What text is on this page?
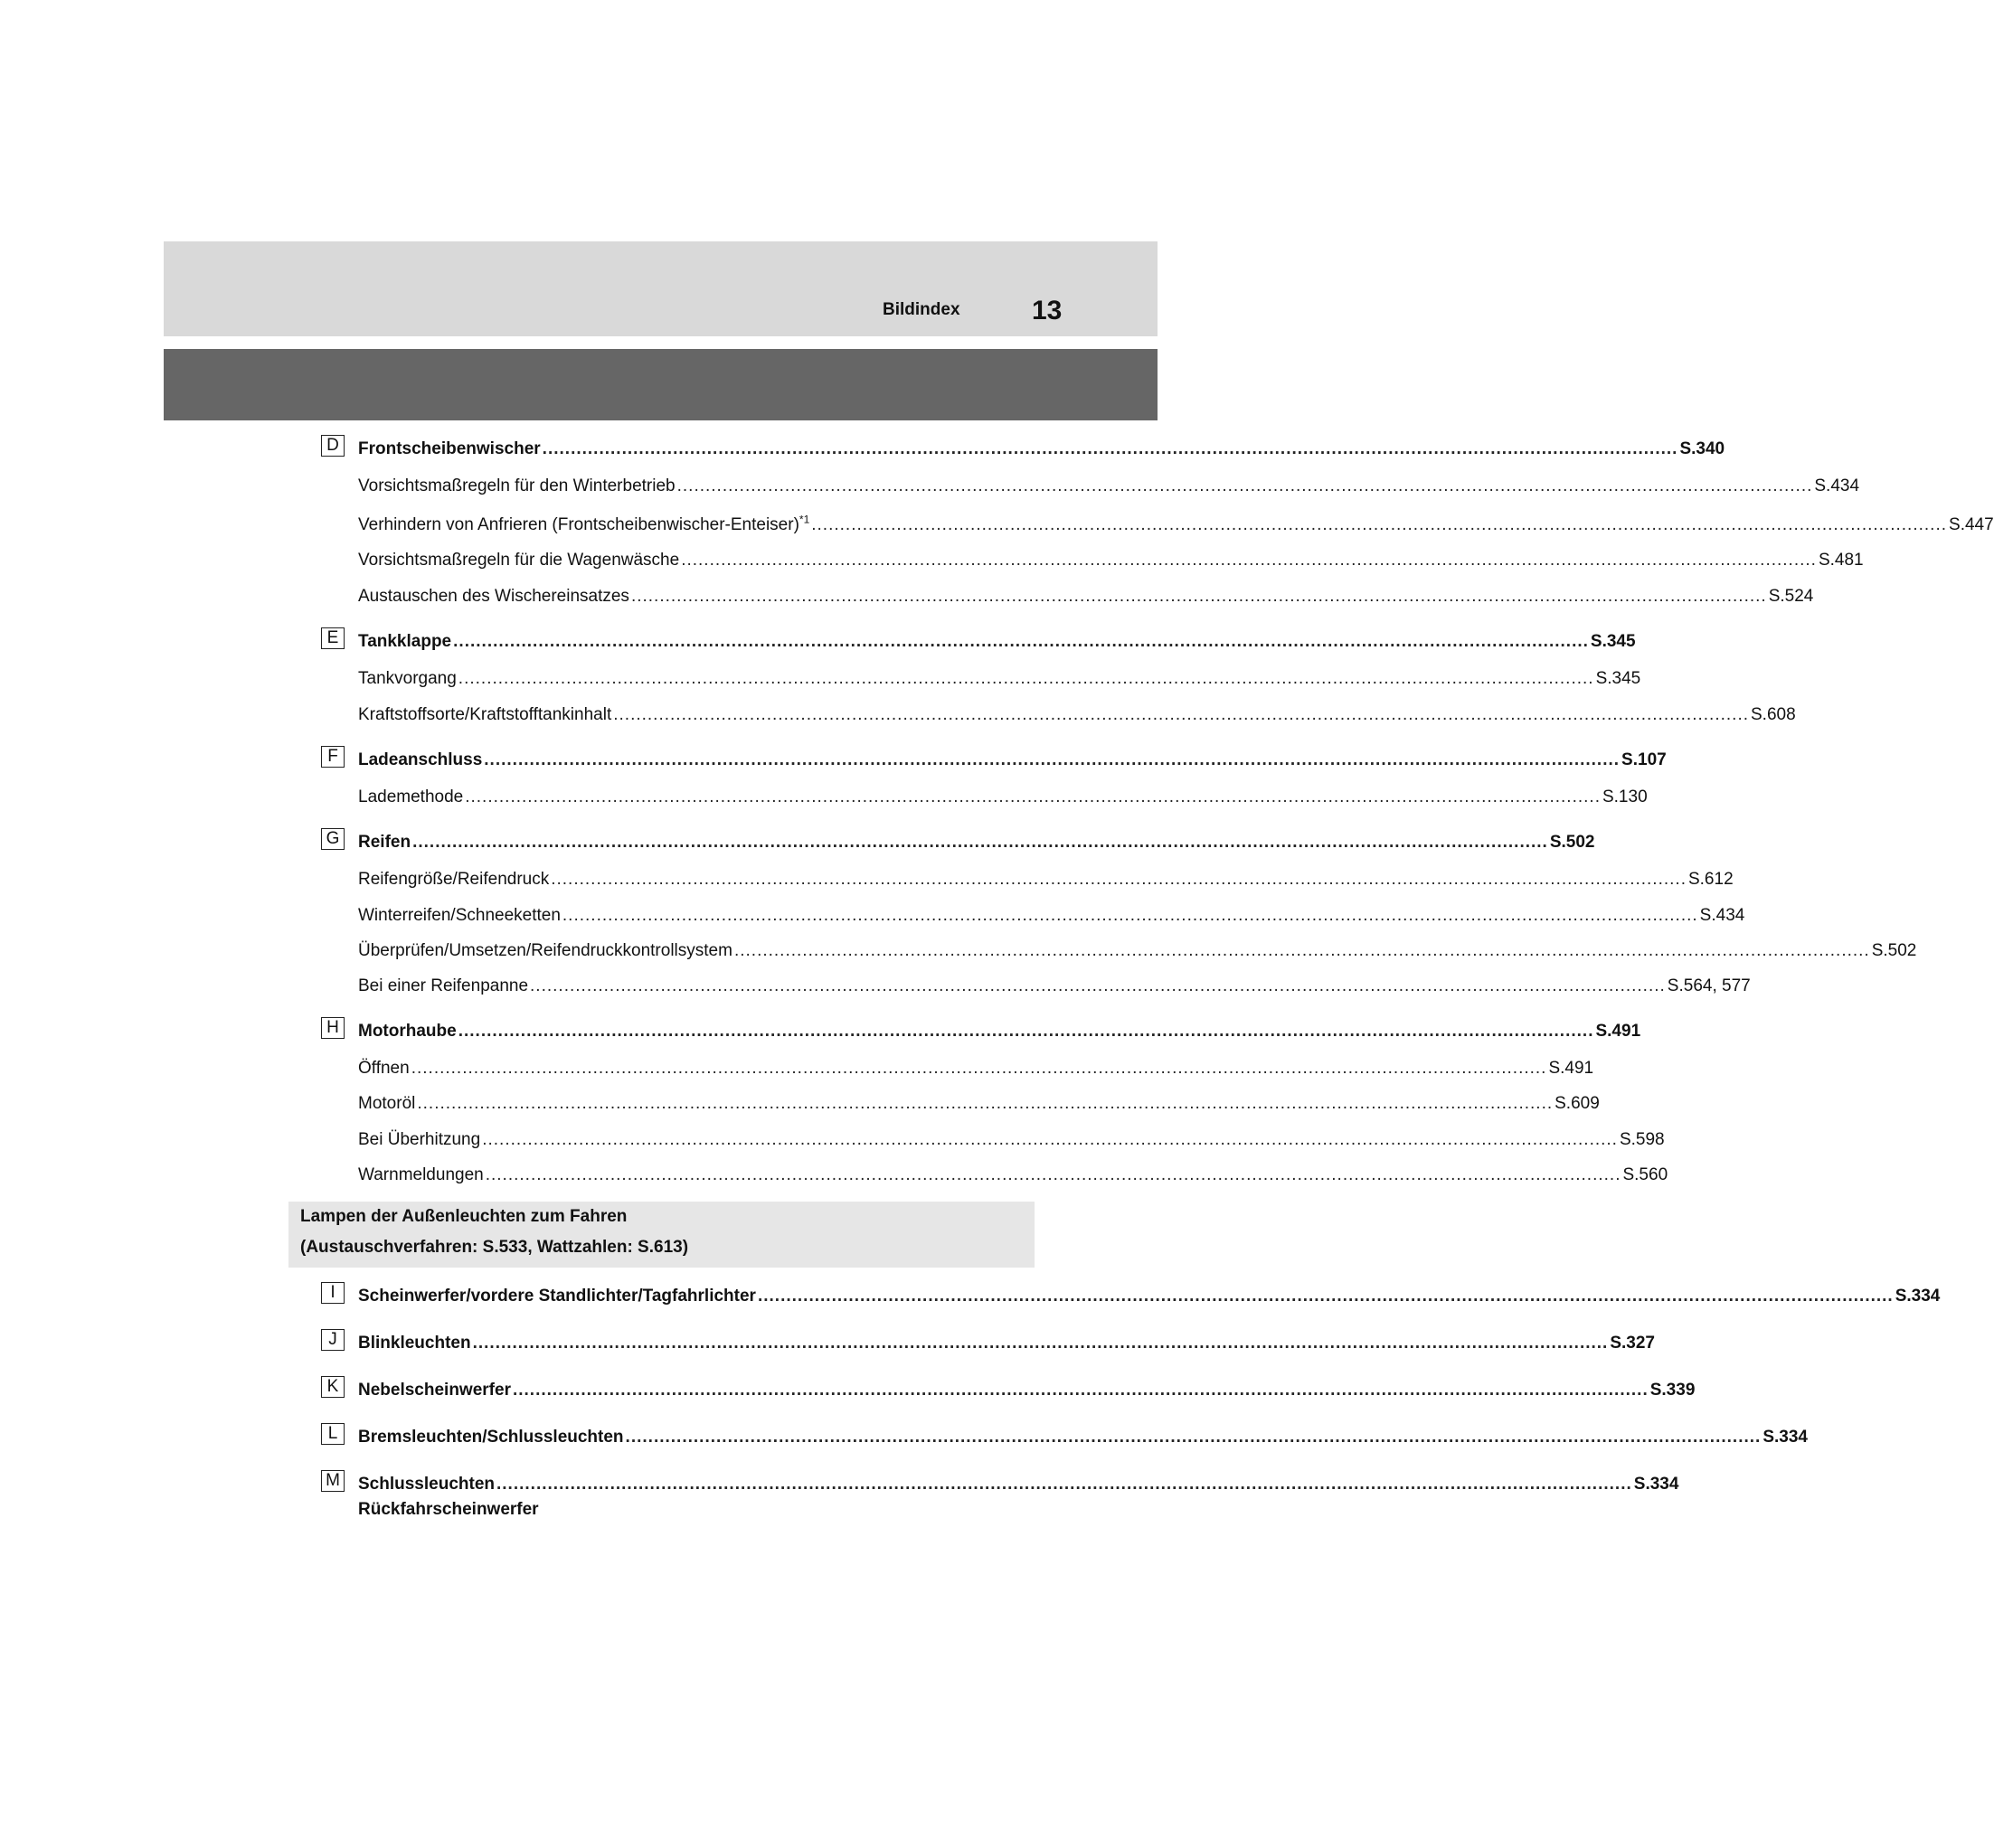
Bildindex	13
D	Frontscheibenwischer ........................................................................................................................................................................................................ S.340
Vorsichtsmaßregeln für den Winterbetrieb ........................................................................................................................................................................................................ S.434
Verhindern von Anfrieren (Frontscheibenwischer-Enteiser)$^{*1}$ ........................................................................................................................................................................................................ S.447
Vorsichtsmaßregeln für die Wagenwäsche ........................................................................................................................................................................................................ S.481
Austauschen des Wischereinsatzes ........................................................................................................................................................................................................ S.524
E	Tankklappe ........................................................................................................................................................................................................ S.345
Tankvorgang ........................................................................................................................................................................................................ S.345
Kraftstoffsorte/Kraftstofftankinhalt ........................................................................................................................................................................................................ S.608
F	Ladeanschluss ........................................................................................................................................................................................................ S.107
Lademethode ........................................................................................................................................................................................................ S.130
G Reifen ........................................................................................................................................................................................................ S.502
Reifengröße/Reifendruck ........................................................................................................................................................................................................ S.612
Winterreifen/Schneeketten ........................................................................................................................................................................................................ S.434
Überprüfen/Umsetzen/Reifendruckkontrollsystem ........................................................................................................................................................................................................ S.502
Bei einer Reifenpanne ........................................................................................................................................................................................................ S.564, 577
H	Motorhaube ........................................................................................................................................................................................................ S.491
Öffnen ........................................................................................................................................................................................................ S.491
Motoröl ........................................................................................................................................................................................................ S.609
Bei Überhitzung ........................................................................................................................................................................................................ S.598
Warnmeldungen ........................................................................................................................................................................................................ S.560
Lampen der Außenleuchten zum Fahren
(Austauschverfahren: S.533, Wattzahlen: S.613)
I	Scheinwerfer/vordere Standlichter/Tagfahrlichter ........................................................................................................................................................................................................ S.334
J	Blinkleuchten ........................................................................................................................................................................................................ S.327
K	Nebelscheinwerfer ........................................................................................................................................................................................................ S.339
L	Bremsleuchten/Schlussleuchten ........................................................................................................................................................................................................ S.334
M Schlussleuchten ........................................................................................................................................................................................................ S.334
Rückfahrscheinwerfer
